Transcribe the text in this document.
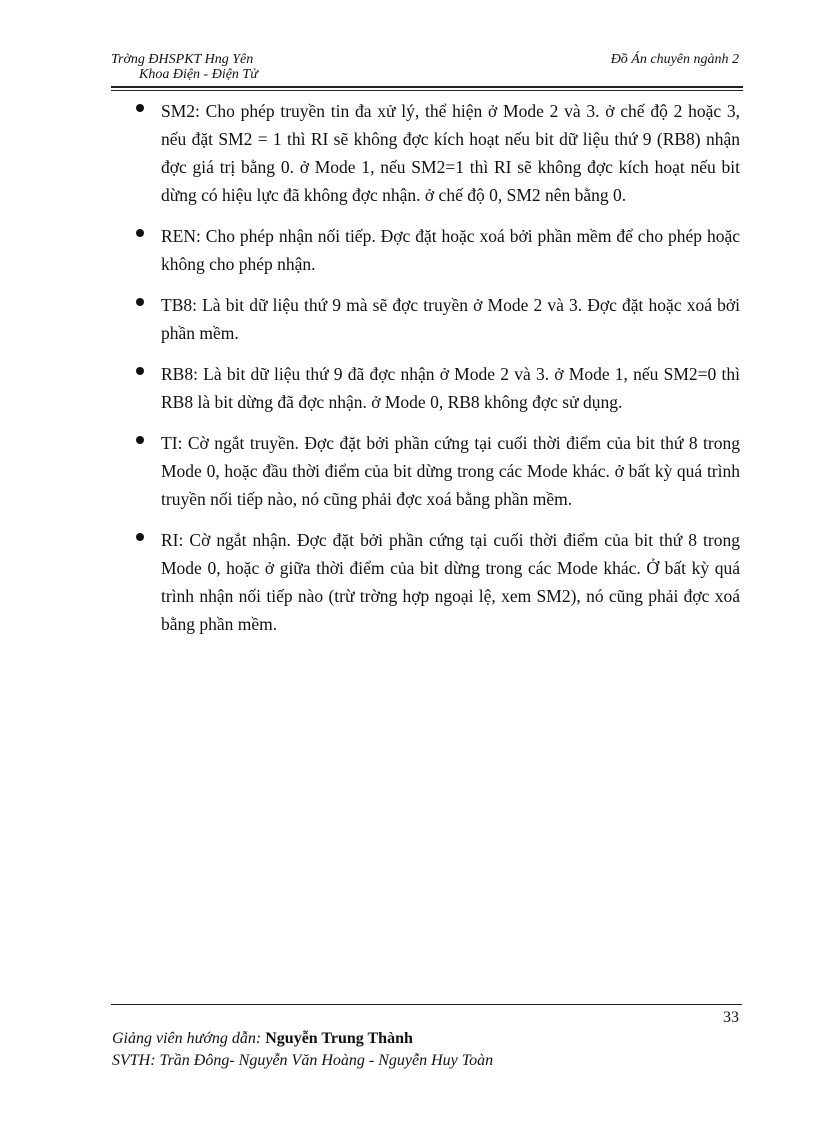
Trờng ĐHSPKT Hng Yên
Khoa Điện - Điện Tử
Đồ Án chuyên ngành 2
SM2: Cho phép truyền tin đa xử lý, thể hiện ở Mode 2 và 3. ở chế độ 2 hoặc 3, nếu đặt SM2 = 1 thì RI sẽ không đợc kích hoạt nếu bit dữ liệu thứ 9 (RB8) nhận đợc giá trị bằng 0. ở Mode 1, nếu SM2=1 thì RI sẽ không đợc kích hoạt nếu bit dừng có hiệu lực đã không đợc nhận. ở chế độ 0, SM2 nên bằng 0.
REN: Cho phép nhận nối tiếp. Đợc đặt hoặc xoá bởi phần mềm để cho phép hoặc không cho phép nhận.
TB8: Là bit dữ liệu thứ 9 mà sẽ đợc truyền ở Mode 2 và 3. Đợc đặt hoặc xoá bởi phần mềm.
RB8: Là bit dữ liệu thứ 9 đã đợc nhận ở Mode 2 và 3. ở Mode 1, nếu SM2=0 thì RB8 là bit dừng đã đợc nhận. ở Mode 0, RB8 không đợc sử dụng.
TI: Cờ ngắt truyền. Đợc đặt bởi phần cứng tại cuối thời điểm của bit thứ 8 trong Mode 0, hoặc đầu thời điểm của bit dừng trong các Mode khác. ở bất kỳ quá trình truyền nối tiếp nào, nó cũng phải đợc xoá bằng phần mềm.
RI: Cờ ngắt nhận. Đợc đặt bởi phần cứng tại cuối thời điểm của bit thứ 8 trong Mode 0, hoặc ở giữa thời điểm của bit dừng trong các Mode khác. Ở bất kỳ quá trình nhận nối tiếp nào (trừ trờng hợp ngoại lệ, xem SM2), nó cũng phải đợc xoá bằng phần mềm.
33
Giảng viên hướng dẫn: Nguyễn Trung Thành
SVTH: Trần Đông- Nguyễn Văn Hoàng - Nguyễn Huy Toàn
